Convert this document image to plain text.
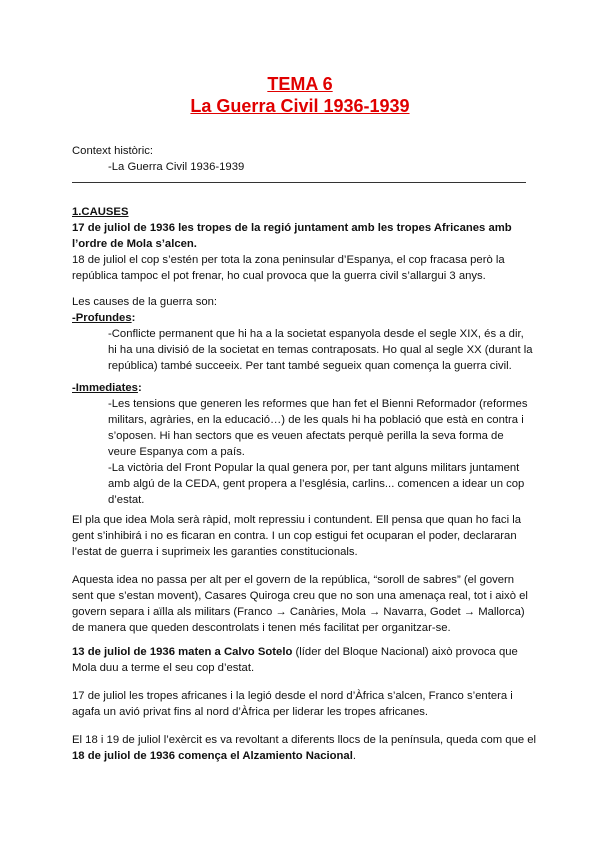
TEMA 6
La Guerra Civil 1936-1939
Context històric:
-La Guerra Civil 1936-1939
1.CAUSES
17 de juliol de 1936 les tropes de la regió juntament amb les tropes Africanes amb
l’ordre de Mola s’alcen.
18 de juliol el cop s’estén per tota la zona peninsular d’Espanya, el cop fracasa però la
república tampoc el pot frenar, ho cual provoca que la guerra civil s’allargui 3 anys.
Les causes de la guerra son:
-Profundes:
-Conflicte permanent que hi ha a la societat espanyola desde el segle XIX, és a dir,
hi ha una divisió de la societat en temas contraposats. Ho qual al segle XX (durant la
república) també succeeix. Per tant també segueix quan comença la guerra civil.
-Immediates:
-Les tensions que generen les reformes que han fet el Bienni Reformador (reformes
militars, agràries, en la educació…) de les quals hi ha població que està en contra i
s’oposen. Hi han sectors que es veuen afectats perquè perilla la seva forma de
veure Espanya com a país.
-La victòria del Front Popular la qual genera por, per tant alguns militars juntament
amb algú de la CEDA, gent propera a l’església, carlins... comencen a idear un cop
d’estat.
El pla que idea Mola serà ràpid, molt repressiu i contundent. Ell pensa que quan ho faci la
gent s’inhibirá i no es ficaran en contra. I un cop estigui fet ocuparan el poder, declararan
l’estat de guerra i suprimeix les garanties constitucionals.
Aquesta idea no passa per alt per el govern de la república, “soroll de sabres” (el govern
sent que s’estan movent), Casares Quiroga creu que no son una amenaça real, tot i això el
govern separa i aïlla als militars (Franco → Canàries, Mola → Navarra, Godet → Mallorca)
de manera que queden descontrolats i tenen més facilitat per organitzar-se.
13 de juliol de 1936 maten a Calvo Sotelo (líder del Bloque Nacional) això provoca que
Mola duu a terme el seu cop d’estat.
17 de juliol les tropes africanes i la legió desde el nord d’Àfrica s’alcen, Franco s’entera i
agafa un avió privat fins al nord d’Àfrica per liderar les tropes africanes.
El 18 i 19 de juliol l’exèrcit es va revoltant a diferents llocs de la península, queda com que el
18 de juliol de 1936 comença el Alzamiento Nacional.
